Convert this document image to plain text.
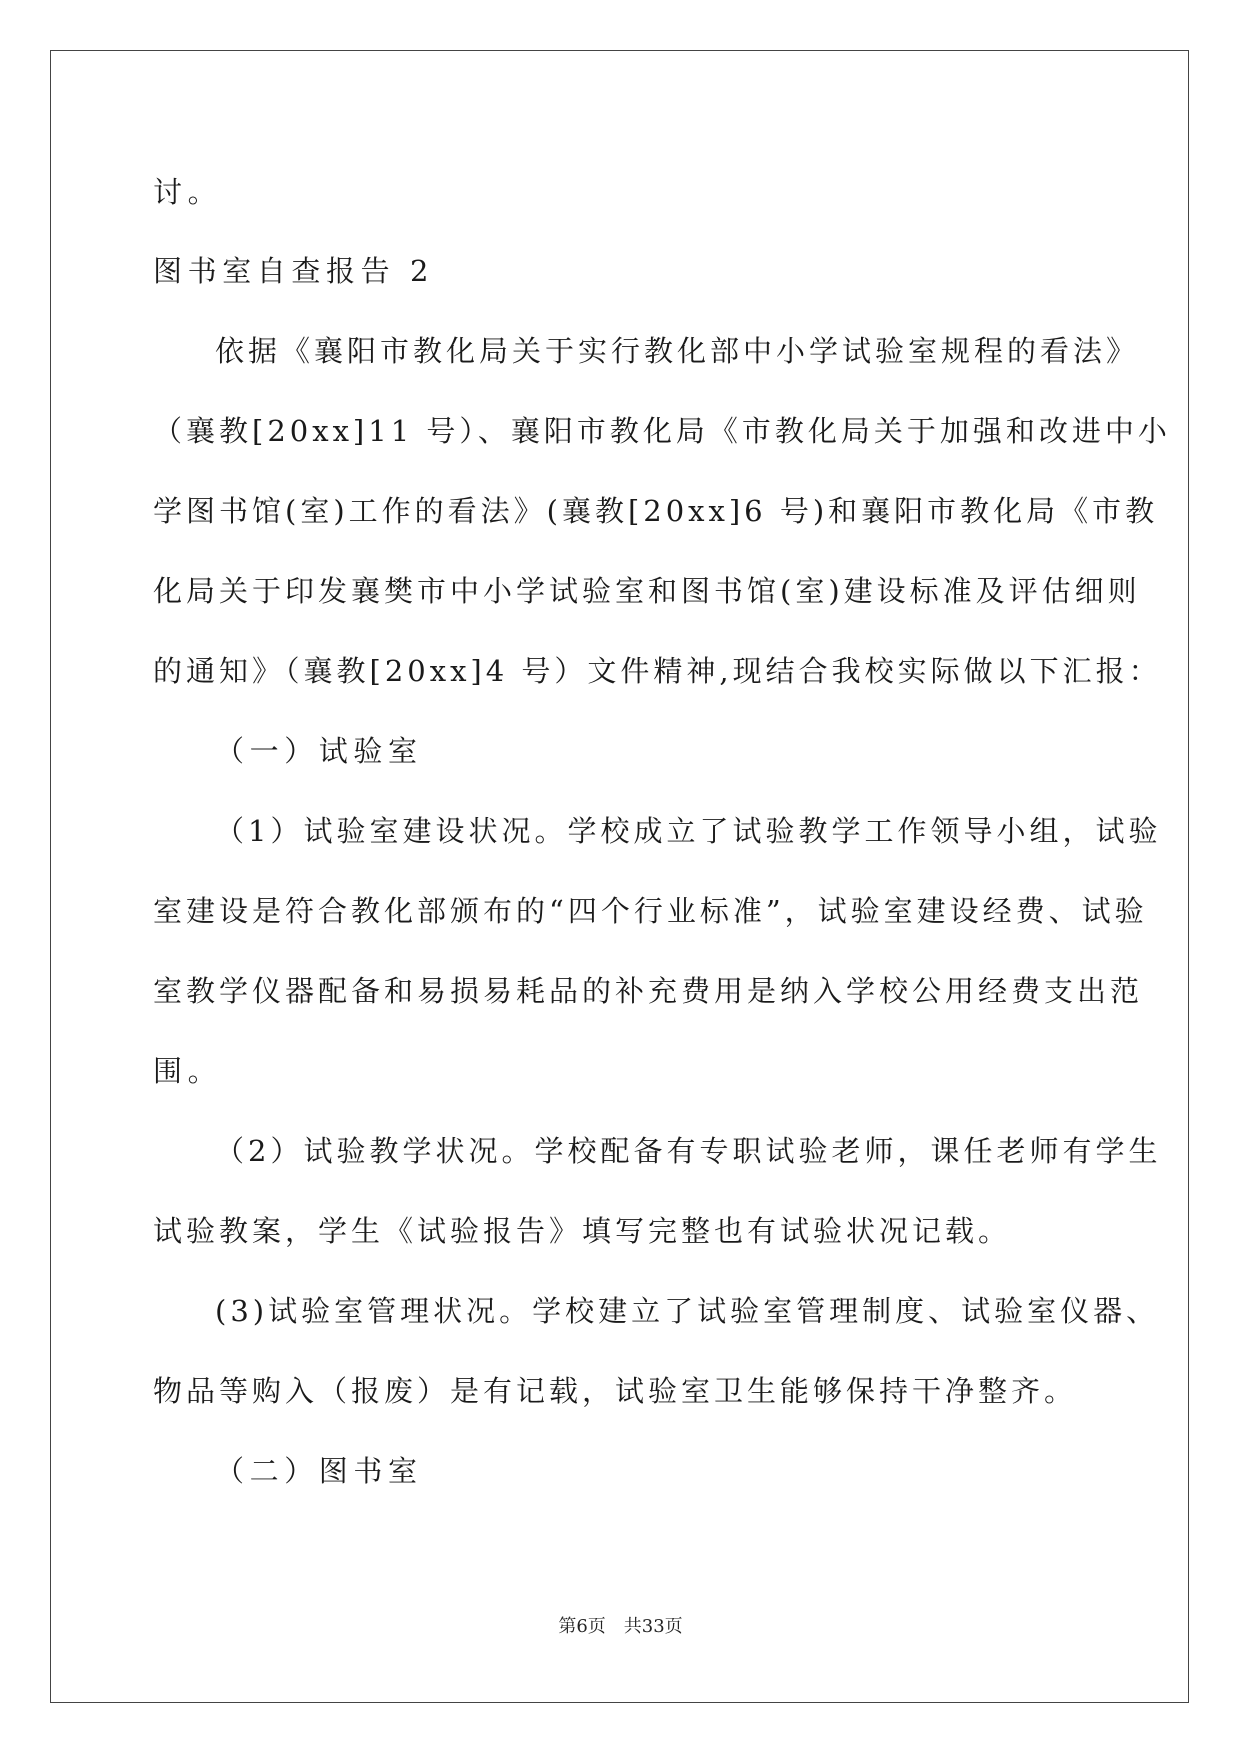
讨。
图书室自查报告 2
依据《襄阳市教化局关于实行教化部中小学试验室规程的看法》
（襄教[20xx]11 号）、襄阳市教化局《市教化局关于加强和改进中小
学图书馆(室)工作的看法》(襄教[20xx]6 号)和襄阳市教化局《市教
化局关于印发襄樊市中小学试验室和图书馆(室)建设标准及评估细则
的通知》（襄教[20xx]4 号）文件精神,现结合我校实际做以下汇报：
（一）试验室
（1）试验室建设状况。学校成立了试验教学工作领导小组，试验
室建设是符合教化部颁布的“四个行业标准”，试验室建设经费、试验
室教学仪器配备和易损易耗品的补充费用是纳入学校公用经费支出范
围。
（2）试验教学状况。学校配备有专职试验老师，课任老师有学生
试验教案，学生《试验报告》填写完整也有试验状况记载。
(3)试验室管理状况。学校建立了试验室管理制度、试验室仪器、
物品等购入（报废）是有记载，试验室卫生能够保持干净整齐。
（二）图书室
第6页　共33页
